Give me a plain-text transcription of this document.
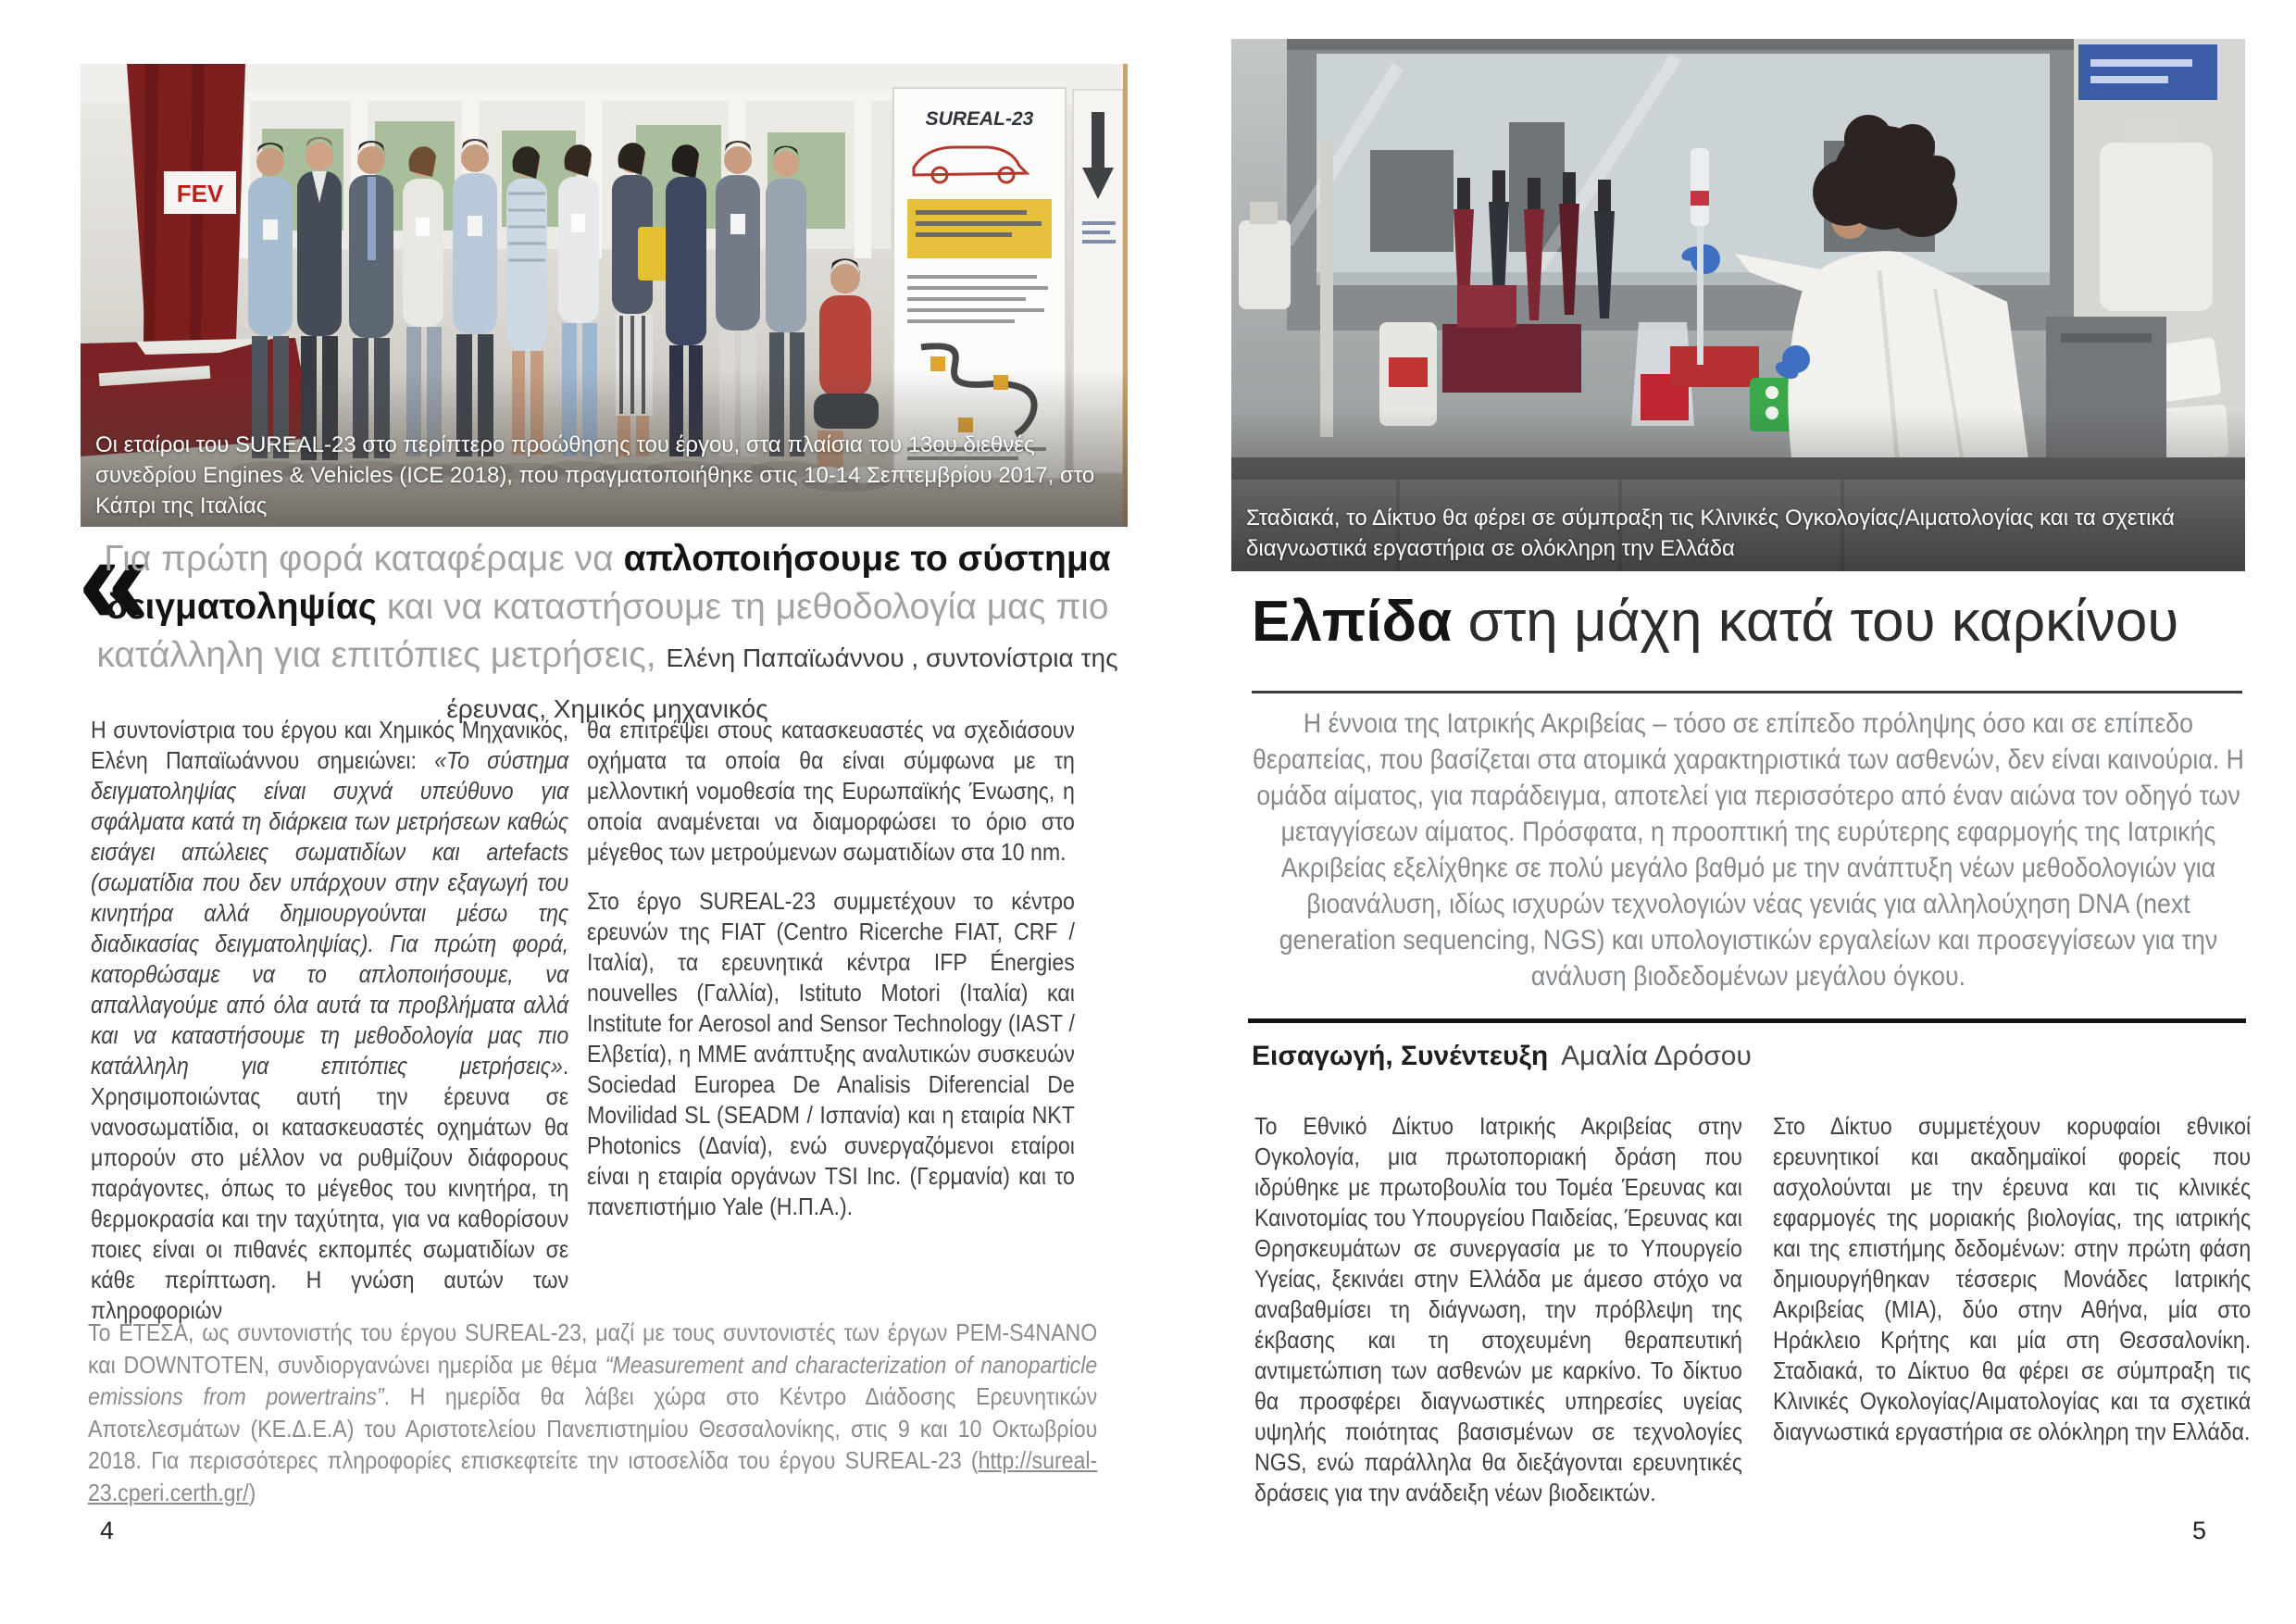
FEV
SUREAL-23
Οι εταίροι του SUREAL-23 στο περίπτερο προώθησης του έργου, στα πλαίσια του 13ου διεθνές συνεδρίου Engines & Vehicles (ICE 2018), που πραγματοποιήθηκε στις 10-14 Σεπτεμβρίου 2017, στο Κάπρι της Ιταλίας
«
Για πρώτη φορά καταφέραμε να απλοποιήσουμε το σύστημα δειγματοληψίας και να καταστήσουμε τη μεθοδολογία μας πιο κατάλληλη για επιτόπιες μετρήσεις, Ελένη Παπαϊωάννου , συντονίστρια της έρευνας, Χημικός μηχανικός

Η συντονίστρια του έργου και Χημικός Μηχανικός, Ελένη Παπαϊωάννου σημειώνει: «Το σύστημα δειγματοληψίας είναι συχνά υπεύθυνο για σφάλματα κατά τη διάρκεια των μετρήσεων καθώς εισάγει απώλειες σωματιδίων και artefacts (σωματίδια που δεν υπάρχουν στην εξαγωγή του κινητήρα αλλά δημιουργούνται μέσω της διαδικασίας δειγματοληψίας). Για πρώτη φορά, κατορθώσαμε να το απλοποιήσουμε, να απαλλαγούμε από όλα αυτά τα προβλήματα αλλά και να καταστήσουμε τη μεθοδολογία μας πιο κατάλληλη για επιτόπιες μετρήσεις». Χρησιμοποιώντας αυτή την έρευνα σε νανοσωματίδια, οι κατασκευαστές οχημάτων θα μπορούν στο μέλλον να ρυθμίζουν διάφορους παράγοντες, όπως το μέγεθος του κινητήρα, τη θερμοκρασία και την ταχύτητα, για να καθορίσουν ποιες είναι οι πιθανές εκπομπές σωματιδίων σε κάθε περίπτωση. Η γνώση αυτών των πληροφοριών

θα επιτρέψει στους κατασκευαστές να σχεδιάσουν οχήματα τα οποία θα είναι σύμφωνα με τη μελλοντική νομοθεσία της Ευρωπαϊκής Ένωσης, η οποία αναμένεται να διαμορφώσει το όριο στο μέγεθος των μετρούμενων σωματιδίων στα 10 nm.

Στο έργο SUREAL-23 συμμετέχουν το κέντρο ερευνών της FIAT (Centro Ricerche FIAT, CRF / Ιταλία), τα ερευνητικά κέντρα IFP Énergies nouvelles (Γαλλία), Istituto Motori (Ιταλία) και Institute for Aerosol and Sensor Technology (IAST / Ελβετία), η ΜΜΕ ανάπτυξης αναλυτικών συσκευών Sociedad Europea De Analisis Diferencial De Movilidad SL (SEADM / Ισπανία) και η εταιρία NKT Photonics (Δανία), ενώ συνεργαζόμενοι εταίροι είναι η εταιρία οργάνων TSI Inc. (Γερμανία) και το πανεπιστήμιο Yale (Η.Π.Α.).

Το ΕΤΕΣΑ, ως συντονιστής του έργου SUREAL-23, μαζί με τους συντονιστές των έργων PEM-S4NANO και DOWNTOTEN, συνδιοργανώνει ημερίδα με θέμα “Measurement and characterization of nanoparticle emissions from powertrains”. Η ημερίδα θα λάβει χώρα στο Κέντρο Διάδοσης Ερευνητικών Αποτελεσμάτων (ΚΕ.Δ.Ε.Α) του Αριστοτελείου Πανεπιστημίου Θεσσαλονίκης, στις 9 και 10 Οκτωβρίου 2018. Για περισσότερες πληροφορίες επισκεφτείτε την ιστοσελίδα του έργου SUREAL-23 (http://sureal-23.cperi.certh.gr/)
4
Σταδιακά, το Δίκτυο θα φέρει σε σύμπραξη τις Κλινικές Ογκολογίας/Αιματολογίας και τα σχετικά διαγνωστικά εργαστήρια σε ολόκληρη την Ελλάδα
Ελπίδα στη μάχη κατά του καρκίνου
Η έννοια της Ιατρικής Ακριβείας – τόσο σε επίπεδο πρόληψης όσο και σε επίπεδο θεραπείας, που βασίζεται στα ατομικά χαρακτηριστικά των ασθενών, δεν είναι καινούρια. Η ομάδα αίματος, για παράδειγμα, αποτελεί για περισσότερο από έναν αιώνα τον οδηγό των μεταγγίσεων αίματος. Πρόσφατα, η προοπτική της ευρύτερης εφαρμογής της Ιατρικής Ακριβείας εξελίχθηκε σε πολύ μεγάλο βαθμό με την ανάπτυξη νέων μεθοδολογιών για βιοανάλυση, ιδίως ισχυρών τεχνολογιών νέας γενιάς για αλληλούχηση DNA (next generation sequencing, NGS) και υπολογιστικών εργαλείων και προσεγγίσεων για την ανάλυση βιοδεδομένων μεγάλου όγκου.
Εισαγωγή, Συνέντευξη Αμαλία Δρόσου

Το Εθνικό Δίκτυο Ιατρικής Ακριβείας στην Ογκολογία, μια πρωτοποριακή δράση που ιδρύθηκε με πρωτοβουλία του Τομέα Έρευνας και Καινοτομίας του Υπουργείου Παιδείας, Έρευνας και Θρησκευμάτων σε συνεργασία με το Υπουργείο Υγείας, ξεκινάει στην Ελλάδα με άμεσο στόχο να αναβαθμίσει τη διάγνωση, την πρόβλεψη της έκβασης και τη στοχευμένη θεραπευτική αντιμετώπιση των ασθενών με καρκίνο. Το δίκτυο θα προσφέρει διαγνωστικές υπηρεσίες υγείας υψηλής ποιότητας βασισμένων σε τεχνολογίες NGS, ενώ παράλληλα θα διεξάγονται ερευνητικές δράσεις για την ανάδειξη νέων βιοδεικτών.

Στο Δίκτυο συμμετέχουν κορυφαίοι εθνικοί ερευνητικοί και ακαδημαϊκοί φορείς που ασχολούνται με την έρευνα και τις κλινικές εφαρμογές της μοριακής βιολογίας, της ιατρικής και της επιστήμης δεδομένων: στην πρώτη φάση δημιουργήθηκαν τέσσερις Μονάδες Ιατρικής Ακριβείας (ΜΙΑ), δύο στην Αθήνα, μία στο Ηράκλειο Κρήτης και μία στη Θεσσαλονίκη. Σταδιακά, το Δίκτυο θα φέρει σε σύμπραξη τις Κλινικές Ογκολογίας/Αιματολογίας και τα σχετικά διαγνωστικά εργαστήρια σε ολόκληρη την Ελλάδα.

5
